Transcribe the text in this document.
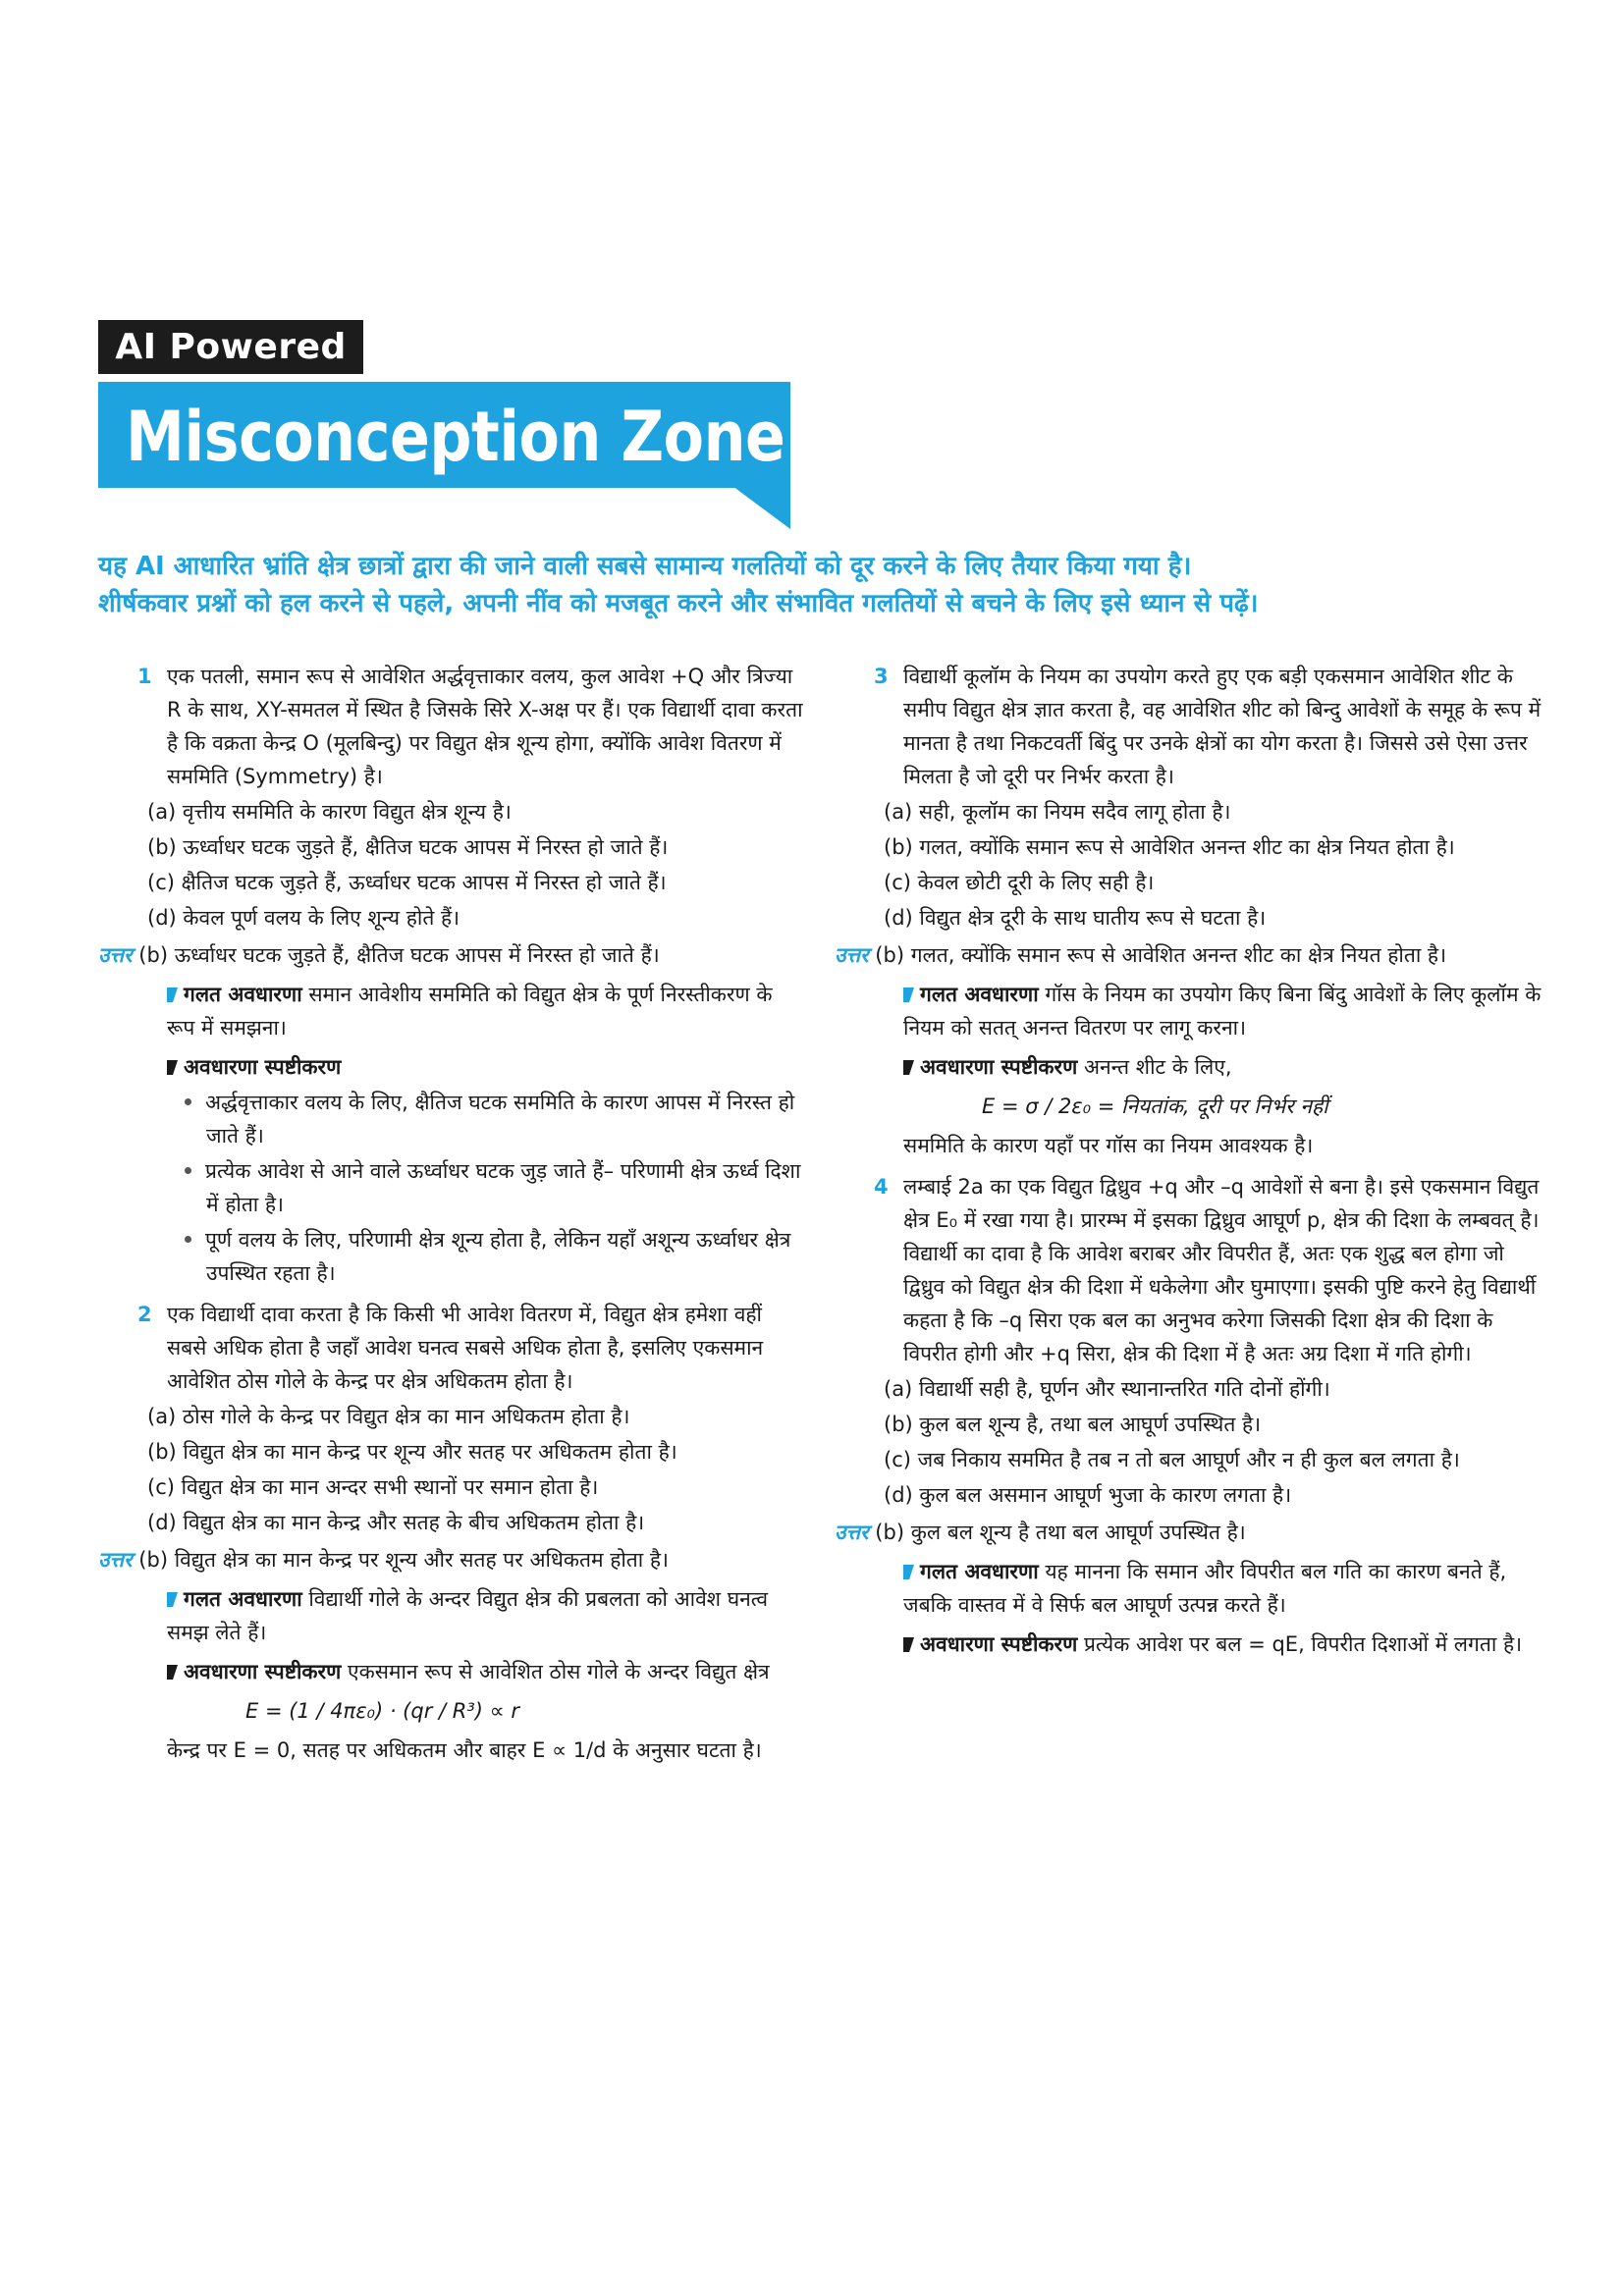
AI Powered
Misconception Zone

यह AI आधारित भ्रांति क्षेत्र छात्रों द्वारा की जाने वाली सबसे सामान्य गलतियों को दूर करने के लिए तैयार किया गया है।

शीर्षकवार प्रश्नों को हल करने से पहले, अपनी नींव को मजबूत करने और संभावित गलतियों से बचने के लिए इसे ध्यान से पढ़ें।

1 एक पतली, समान रूप से आवेशित अर्द्धवृत्ताकार वलय, कुल आवेश +Q और त्रिज्या R के साथ, XY-समतल में स्थित है जिसके सिरे X-अक्ष पर हैं। एक विद्यार्थी दावा करता है कि वक्रता केन्द्र O (मूलबिन्दु) पर विद्युत क्षेत्र शून्य होगा, क्योंकि आवेश वितरण में सममिति (Symmetry) है।
(a) वृत्तीय सममिति के कारण विद्युत क्षेत्र शून्य है।
(b) ऊर्ध्वाधर घटक जुड़ते हैं, क्षैतिज घटक आपस में निरस्त हो जाते हैं।
(c) क्षैतिज घटक जुड़ते हैं, ऊर्ध्वाधर घटक आपस में निरस्त हो जाते हैं।
(d) केवल पूर्ण वलय के लिए शून्य होते हैं।
उत्तर (b) ऊर्ध्वाधर घटक जुड़ते हैं, क्षैतिज घटक आपस में निरस्त हो जाते हैं।
गलत अवधारणा समान आवेशीय सममिति को विद्युत क्षेत्र के पूर्ण निरस्तीकरण के रूप में समझना।
अवधारणा स्पष्टीकरण
अर्द्धवृत्ताकार वलय के लिए, क्षैतिज घटक सममिति के कारण आपस में निरस्त हो जाते हैं।
प्रत्येक आवेश से आने वाले ऊर्ध्वाधर घटक जुड़ जाते हैं– परिणामी क्षेत्र ऊर्ध्व दिशा में होता है।
पूर्ण वलय के लिए, परिणामी क्षेत्र शून्य होता है, लेकिन यहाँ अशून्य ऊर्ध्वाधर क्षेत्र उपस्थित रहता है।
2 एक विद्यार्थी दावा करता है कि किसी भी आवेश वितरण में, विद्युत क्षेत्र हमेशा वहीं सबसे अधिक होता है जहाँ आवेश घनत्व सबसे अधिक होता है, इसलिए एकसमान आवेशित ठोस गोले के केन्द्र पर क्षेत्र अधिकतम होता है।
(a) ठोस गोले के केन्द्र पर विद्युत क्षेत्र का मान अधिकतम होता है।
(b) विद्युत क्षेत्र का मान केन्द्र पर शून्य और सतह पर अधिकतम होता है।
(c) विद्युत क्षेत्र का मान अन्दर सभी स्थानों पर समान होता है।
(d) विद्युत क्षेत्र का मान केन्द्र और सतह के बीच अधिकतम होता है।
उत्तर (b) विद्युत क्षेत्र का मान केन्द्र पर शून्य और सतह पर अधिकतम होता है।
गलत अवधारणा विद्यार्थी गोले के अन्दर विद्युत क्षेत्र की प्रबलता को आवेश घनत्व समझ लेते हैं।
अवधारणा स्पष्टीकरण एकसमान रूप से आवेशित ठोस गोले के अन्दर विद्युत क्षेत्र
E = (1 / 4πε₀) · (qr / R³) ∝ r
केन्द्र पर E = 0, सतह पर अधिकतम और बाहर E ∝ 1/d के अनुसार घटता है।
3 विद्यार्थी कूलॉम के नियम का उपयोग करते हुए एक बड़ी एकसमान आवेशित शीट के समीप विद्युत क्षेत्र ज्ञात करता है, वह आवेशित शीट को बिन्दु आवेशों के समूह के रूप में मानता है तथा निकटवर्ती बिंदु पर उनके क्षेत्रों का योग करता है। जिससे उसे ऐसा उत्तर मिलता है जो दूरी पर निर्भर करता है।
(a) सही, कूलॉम का नियम सदैव लागू होता है।
(b) गलत, क्योंकि समान रूप से आवेशित अनन्त शीट का क्षेत्र नियत होता है।
(c) केवल छोटी दूरी के लिए सही है।
(d) विद्युत क्षेत्र दूरी के साथ घातीय रूप से घटता है।
उत्तर (b) गलत, क्योंकि समान रूप से आवेशित अनन्त शीट का क्षेत्र नियत होता है।
गलत अवधारणा गॉस के नियम का उपयोग किए बिना बिंदु आवेशों के लिए कूलॉम के नियम को सतत् अनन्त वितरण पर लागू करना।
अवधारणा स्पष्टीकरण अनन्त शीट के लिए,
E = σ / 2ε₀ = नियतांक, दूरी पर निर्भर नहीं
सममिति के कारण यहाँ पर गॉस का नियम आवश्यक है।
4 लम्बाई 2a का एक विद्युत द्विध्रुव +q और –q आवेशों से बना है। इसे एकसमान विद्युत क्षेत्र E₀ में रखा गया है। प्रारम्भ में इसका द्विध्रुव आघूर्ण p, क्षेत्र की दिशा के लम्बवत् है। विद्यार्थी का दावा है कि आवेश बराबर और विपरीत हैं, अतः एक शुद्ध बल होगा जो द्विध्रुव को विद्युत क्षेत्र की दिशा में धकेलेगा और घुमाएगा। इसकी पुष्टि करने हेतु विद्यार्थी कहता है कि –q सिरा एक बल का अनुभव करेगा जिसकी दिशा क्षेत्र की दिशा के विपरीत होगी और +q सिरा, क्षेत्र की दिशा में है अतः अग्र दिशा में गति होगी।
(a) विद्यार्थी सही है, घूर्णन और स्थानान्तरित गति दोनों होंगी।
(b) कुल बल शून्य है, तथा बल आघूर्ण उपस्थित है।
(c) जब निकाय सममित है तब न तो बल आघूर्ण और न ही कुल बल लगता है।
(d) कुल बल असमान आघूर्ण भुजा के कारण लगता है।
उत्तर (b) कुल बल शून्य है तथा बल आघूर्ण उपस्थित है।
गलत अवधारणा यह मानना कि समान और विपरीत बल गति का कारण बनते हैं, जबकि वास्तव में वे सिर्फ बल आघूर्ण उत्पन्न करते हैं।
अवधारणा स्पष्टीकरण प्रत्येक आवेश पर बल = qE, विपरीत दिशाओं में लगता है।
